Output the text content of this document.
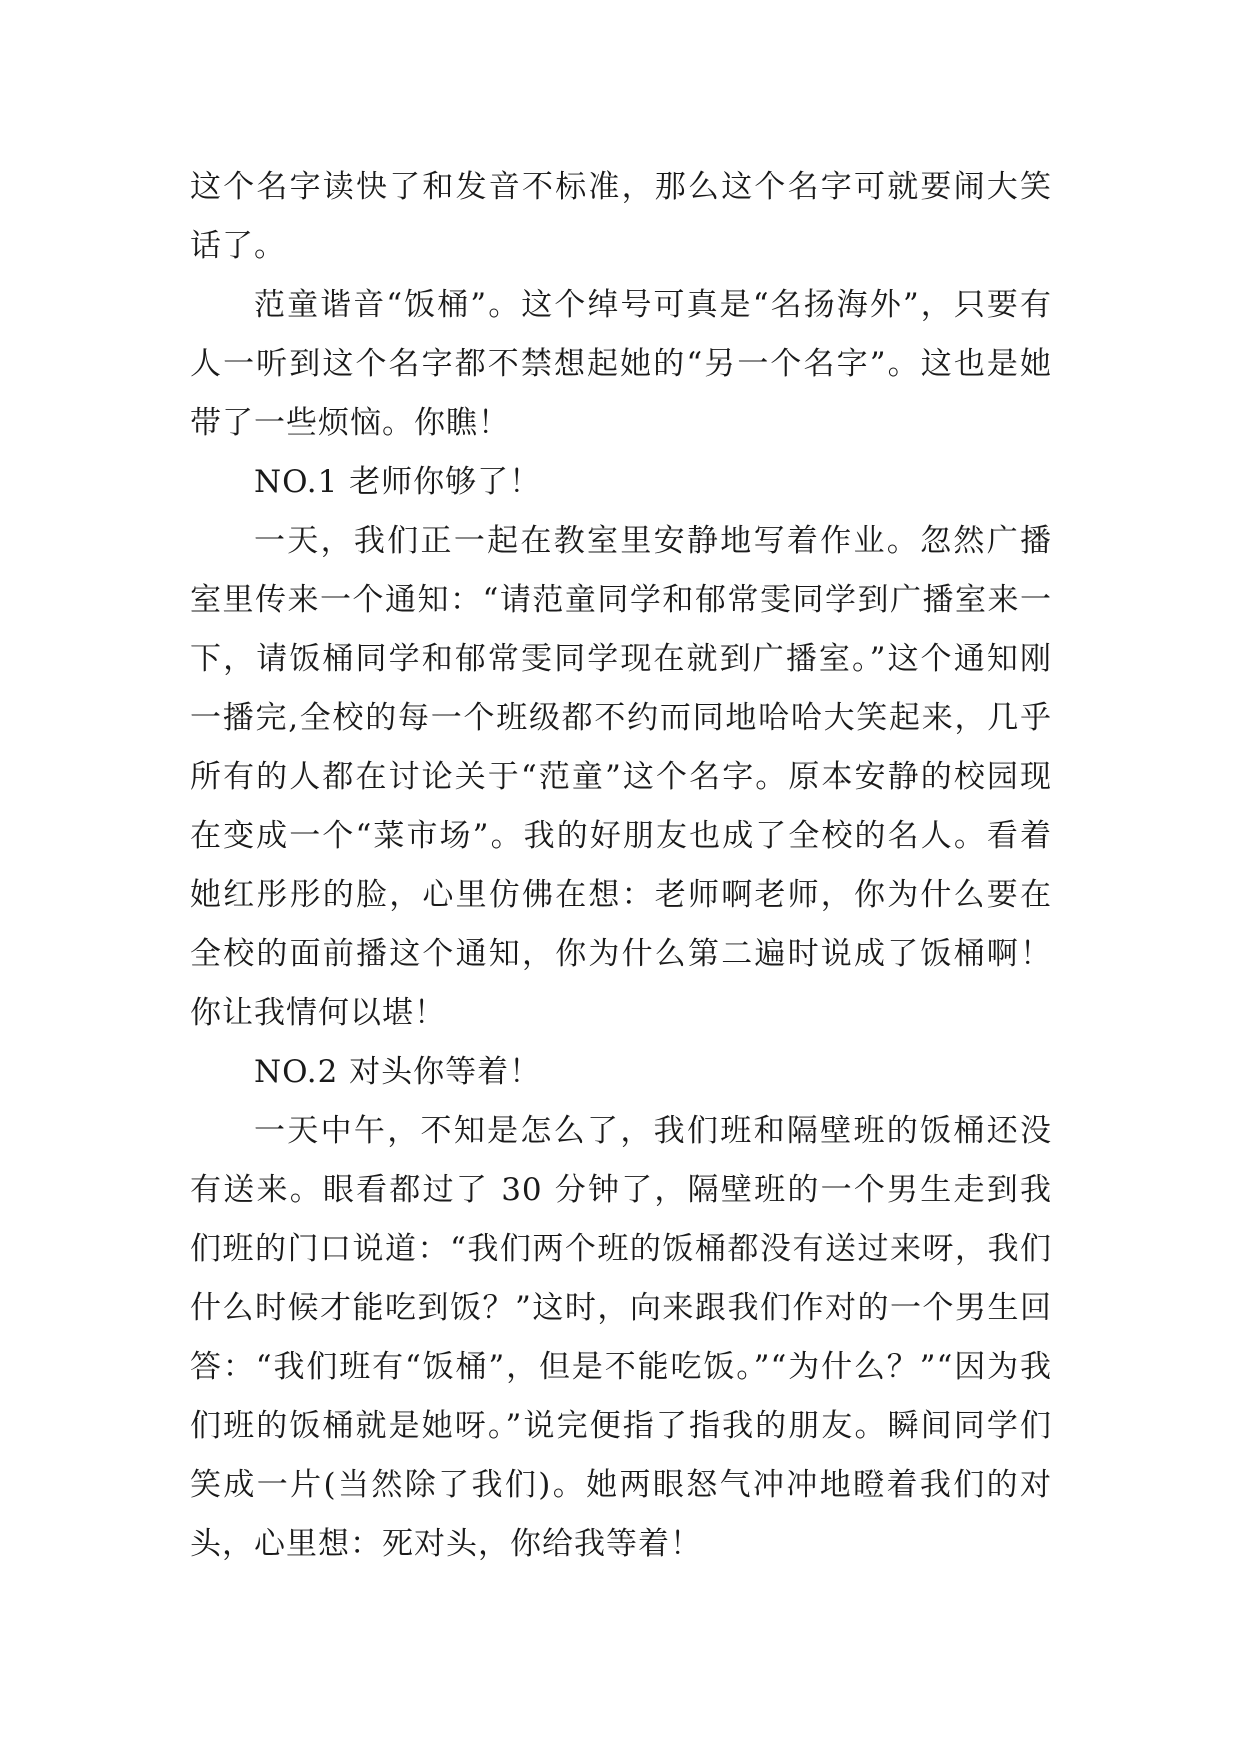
这个名字读快了和发音不标准，那么这个名字可就要闹大笑话了。

范童谐音“饭桶”。这个绰号可真是“名扬海外”，只要有人一听到这个名字都不禁想起她的“另一个名字”。这也是她带了一些烦恼。你瞧！

NO.1 老师你够了！

一天，我们正一起在教室里安静地写着作业。忽然广播室里传来一个通知：“请范童同学和郁常雯同学到广播室来一下，请饭桶同学和郁常雯同学现在就到广播室。”这个通知刚一播完,全校的每一个班级都不约而同地哈哈大笑起来，几乎所有的人都在讨论关于“范童”这个名字。原本安静的校园现在变成一个“菜市场”。我的好朋友也成了全校的名人。看着她红彤彤的脸，心里仿佛在想：老师啊老师，你为什么要在全校的面前播这个通知，你为什么第二遍时说成了饭桶啊！你让我情何以堪！

NO.2 对头你等着！

一天中午，不知是怎么了，我们班和隔壁班的饭桶还没有送来。眼看都过了 30 分钟了，隔壁班的一个男生走到我们班的门口说道：“我们两个班的饭桶都没有送过来呀，我们什么时候才能吃到饭？”这时，向来跟我们作对的一个男生回答：“我们班有“饭桶”，但是不能吃饭。”“为什么？”“因为我们班的饭桶就是她呀。”说完便指了指我的朋友。瞬间同学们笑成一片(当然除了我们)。她两眼怒气冲冲地瞪着我们的对头，心里想：死对头，你给我等着！
